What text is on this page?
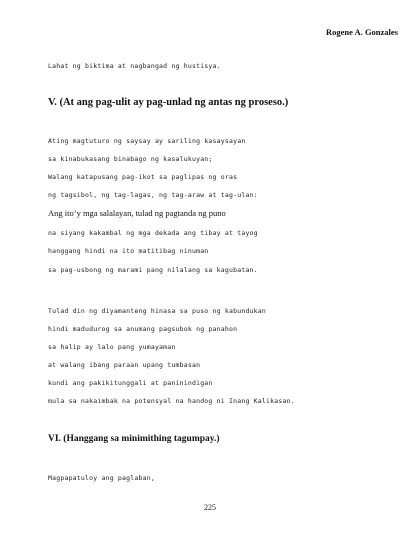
Rogene A. Gonzales
Lahat ng biktima at nagbangad ng hustisya.
V. (At ang pag-ulit ay pag-unlad ng antas ng proseso.)
Ating magtuturo ng saysay ay sariling kasaysayan
sa kinabukasang binabago ng kasalukuyan;
Walang katapusang pag-ikot sa paglipas ng oras
ng tagsibol, ng tag-lagas, ng tag-araw at tag-ulan:
Ang ito’y mga salalayan, tulad ng pagtanda ng puno
na siyang kakambal ng mga dekada ang tibay at tayog
hanggang hindi na ito matitibag ninuman
sa pag-usbong ng marami pang nilalang sa kagubatan.
Tulad din ng diyamanteng hinasa sa puso ng kabundukan
hindi madudurog sa anumang pagsubok ng panahon
sa halip ay lalo pang yumayaman
at walang ibang paraan upang tumbasan
kundi ang pakikitunggali at paninindigan
mula sa nakaimbak na potensyal na handog ni Inang Kalikasan.
VI. (Hanggang sa minimithing tagumpay.)
Magpapatuloy ang paglaban,
225
